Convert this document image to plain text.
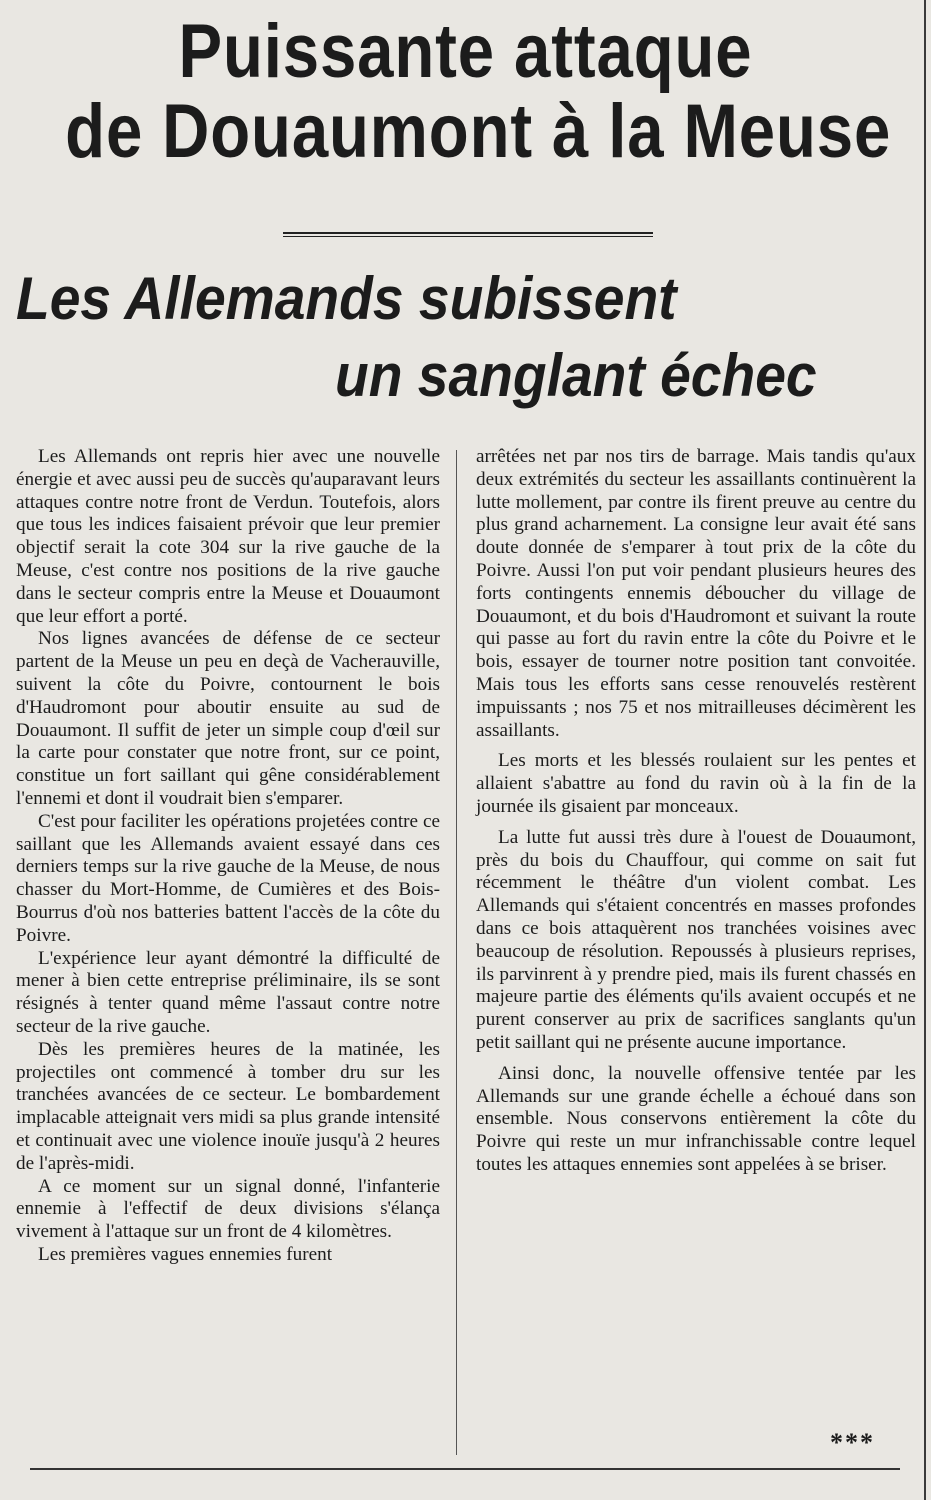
Puissante attaque
de Douaumont à la Meuse
Les Allemands subissent
un sanglant échec

Les Allemands ont repris hier avec une nouvelle énergie et avec aussi peu de succès qu'auparavant leurs attaques contre notre front de Verdun. Toutefois, alors que tous les indices faisaient prévoir que leur premier objectif serait la cote 304 sur la rive gauche de la Meuse, c'est contre nos positions de la rive gauche dans le secteur compris entre la Meuse et Douaumont que leur effort a porté.

Nos lignes avancées de défense de ce secteur partent de la Meuse un peu en deçà de Vacherauville, suivent la côte du Poivre, contournent le bois d'Haudromont pour aboutir ensuite au sud de Douaumont. Il suffit de jeter un simple coup d'œil sur la carte pour constater que notre front, sur ce point, constitue un fort saillant qui gêne considérablement l'ennemi et dont il voudrait bien s'emparer.

C'est pour faciliter les opérations projetées contre ce saillant que les Allemands avaient essayé dans ces derniers temps sur la rive gauche de la Meuse, de nous chasser du Mort-Homme, de Cumières et des Bois-Bourrus d'où nos batteries battent l'accès de la côte du Poivre.

L'expérience leur ayant démontré la difficulté de mener à bien cette entreprise préliminaire, ils se sont résignés à tenter quand même l'assaut contre notre secteur de la rive gauche.

Dès les premières heures de la matinée, les projectiles ont commencé à tomber dru sur les tranchées avancées de ce secteur. Le bombardement implacable atteignait vers midi sa plus grande intensité et continuait avec une violence inouïe jusqu'à 2 heures de l'après-midi.

A ce moment sur un signal donné, l'infanterie ennemie à l'effectif de deux divisions s'élança vivement à l'attaque sur un front de 4 kilomètres.

Les premières vagues ennemies furent

arrêtées net par nos tirs de barrage. Mais tandis qu'aux deux extrémités du secteur les assaillants continuèrent la lutte mollement, par contre ils firent preuve au centre du plus grand acharnement. La consigne leur avait été sans doute donnée de s'emparer à tout prix de la côte du Poivre. Aussi l'on put voir pendant plusieurs heures des forts contingents ennemis déboucher du village de Douaumont, et du bois d'Haudromont et suivant la route qui passe au fort du ravin entre la côte du Poivre et le bois, essayer de tourner notre position tant convoitée. Mais tous les efforts sans cesse renouvelés restèrent impuissants ; nos 75 et nos mitrailleuses décimèrent les assaillants.

Les morts et les blessés roulaient sur les pentes et allaient s'abattre au fond du ravin où à la fin de la journée ils gisaient par monceaux.

La lutte fut aussi très dure à l'ouest de Douaumont, près du bois du Chauffour, qui comme on sait fut récemment le théâtre d'un violent combat. Les Allemands qui s'étaient concentrés en masses profondes dans ce bois attaquèrent nos tranchées voisines avec beaucoup de résolution. Repoussés à plusieurs reprises, ils parvinrent à y prendre pied, mais ils furent chassés en majeure partie des éléments qu'ils avaient occupés et ne purent conserver au prix de sacrifices sanglants qu'un petit saillant qui ne présente aucune importance.

Ainsi donc, la nouvelle offensive tentée par les Allemands sur une grande échelle a échoué dans son ensemble. Nous conservons entièrement la côte du Poivre qui reste un mur infranchissable contre lequel toutes les attaques ennemies sont appelées à se briser.

***
